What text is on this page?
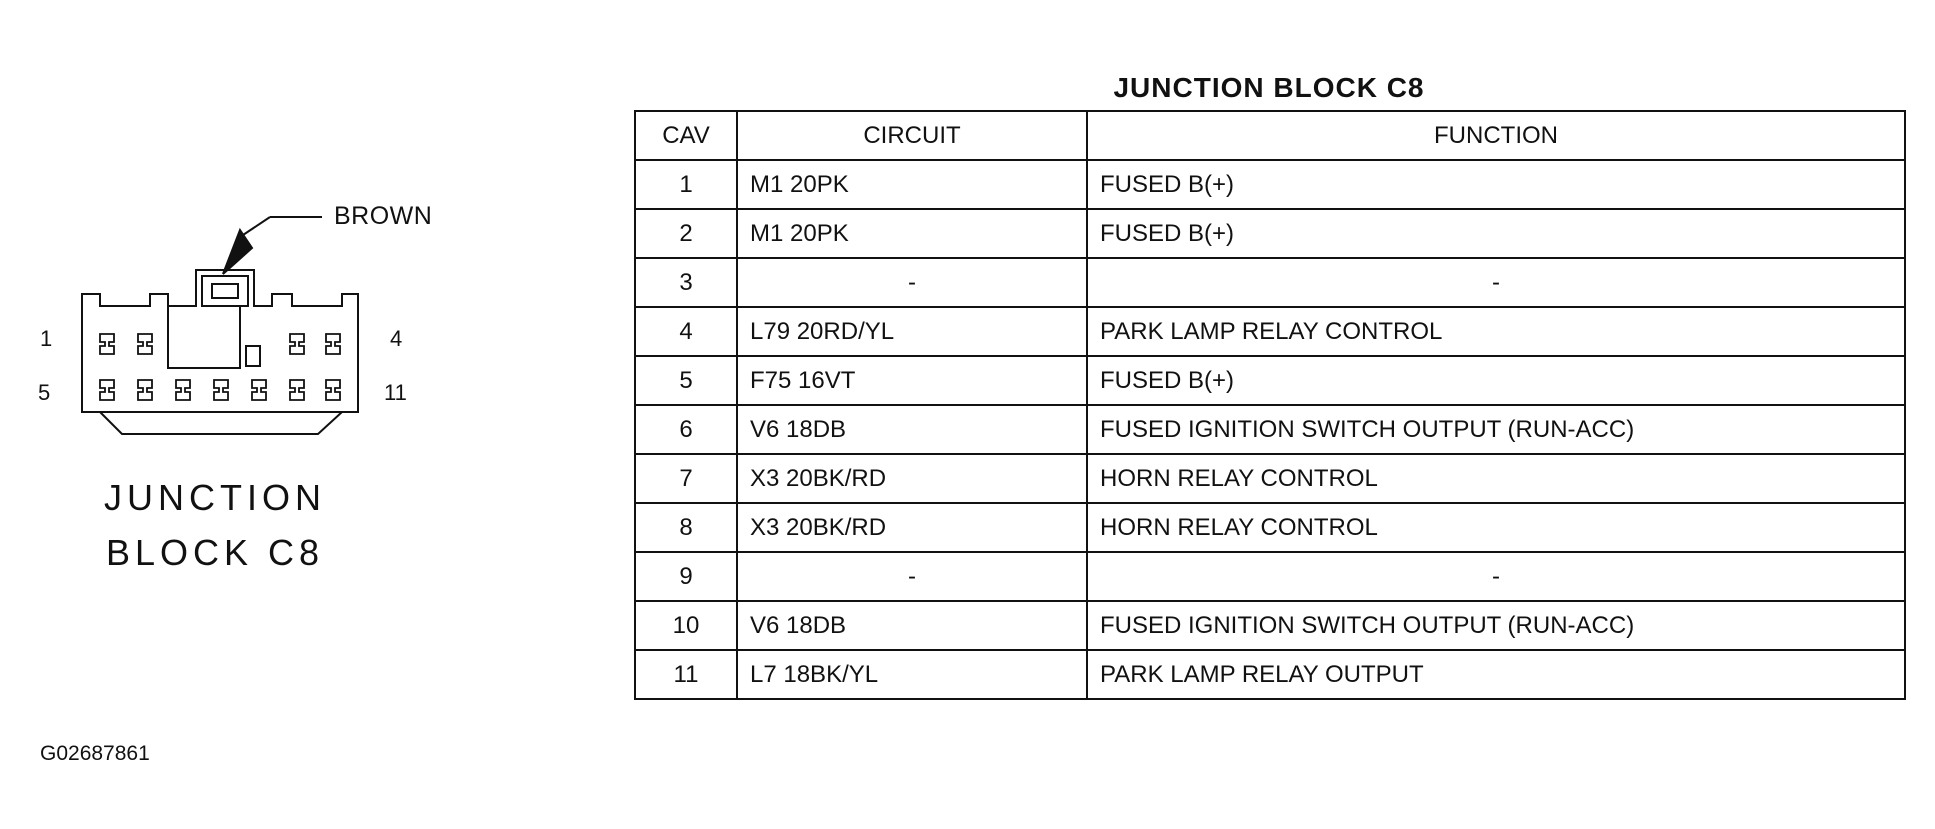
BROWN
1	4
5	11
JUNCTION
BLOCK C8
G02687861
JUNCTION BLOCK C8
CAV	CIRCUIT	FUNCTION
1	M1 20PK	FUSED B(+)
2	M1 20PK	FUSED B(+)
3	-	-
4	L79 20RD/YL	PARK LAMP RELAY CONTROL
5	F75 16VT	FUSED B(+)
6	V6 18DB	FUSED IGNITION SWITCH OUTPUT (RUN-ACC)
7	X3 20BK/RD	HORN RELAY CONTROL
8	X3 20BK/RD	HORN RELAY CONTROL
9	-	-
10	V6 18DB	FUSED IGNITION SWITCH OUTPUT (RUN-ACC)
11	L7 18BK/YL	PARK LAMP RELAY OUTPUT
